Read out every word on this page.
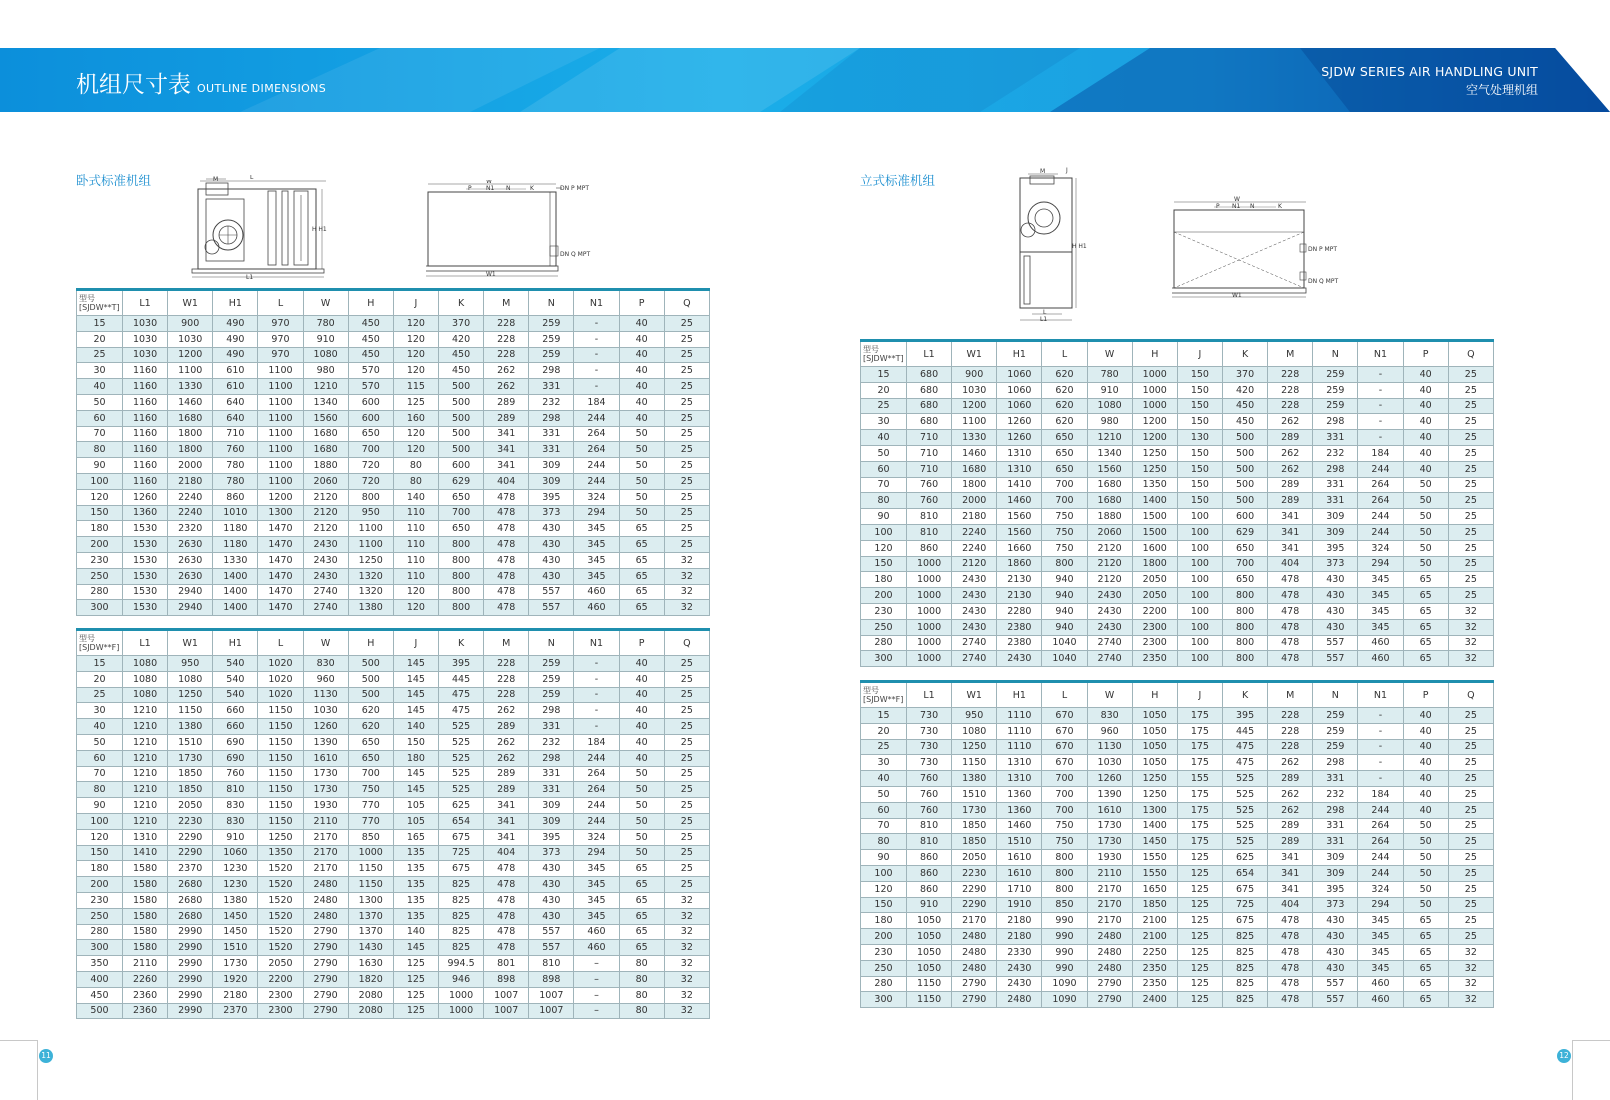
机组尺寸表 OUTLINE DIMENSIONS
SJDW SERIES AIR HANDLING UNIT
空气处理机组
卧式标准机组	M	L
H H1
L1
W
P N1 N	K	DN P MPT
DN Q MPT
W1
型号
[SJDW**T]	L1	W1	H1	L	W	H	J	K	M	N	N1	P	Q
15	1030	900	490	970	780	450	120	370	228	259	-	40	25
20	1030	1030	490	970	910	450	120	420	228	259	-	40	25
25	1030	1200	490	970	1080	450	120	450	228	259	-	40	25
30	1160	1100	610	1100	980	570	120	450	262	298	-	40	25
40	1160	1330	610	1100	1210	570	115	500	262	331	-	40	25
50	1160	1460	640	1100	1340	600	125	500	289	232	184	40	25
60	1160	1680	640	1100	1560	600	160	500	289	298	244	40	25
70	1160	1800	710	1100	1680	650	120	500	341	331	264	50	25
80	1160	1800	760	1100	1680	700	120	500	341	331	264	50	25
90	1160	2000	780	1100	1880	720	80	600	341	309	244	50	25
100	1160	2180	780	1100	2060	720	80	629	404	309	244	50	25
120	1260	2240	860	1200	2120	800	140	650	478	395	324	50	25
150	1360	2240	1010	1300	2120	950	110	700	478	373	294	50	25
180	1530	2320	1180	1470	2120	1100	110	650	478	430	345	65	25
200	1530	2630	1180	1470	2430	1100	110	800	478	430	345	65	25
230	1530	2630	1330	1470	2430	1250	110	800	478	430	345	65	32
250	1530	2630	1400	1470	2430	1320	110	800	478	430	345	65	32
280	1530	2940	1400	1470	2740	1320	120	800	478	557	460	65	32
300	1530	2940	1400	1470	2740	1380	120	800	478	557	460	65	32
型号
[SJDW**F]	L1	W1	H1	L	W	H	J	K	M	N	N1	P	Q
15	1080	950	540	1020	830	500	145	395	228	259	-	40	25
20	1080	1080	540	1020	960	500	145	445	228	259	-	40	25
25	1080	1250	540	1020	1130	500	145	475	228	259	-	40	25
30	1210	1150	660	1150	1030	620	145	475	262	298	-	40	25
40	1210	1380	660	1150	1260	620	140	525	289	331	-	40	25
50	1210	1510	690	1150	1390	650	150	525	262	232	184	40	25
60	1210	1730	690	1150	1610	650	180	525	262	298	244	40	25
70	1210	1850	760	1150	1730	700	145	525	289	331	264	50	25
80	1210	1850	810	1150	1730	750	145	525	289	331	264	50	25
90	1210	2050	830	1150	1930	770	105	625	341	309	244	50	25
100	1210	2230	830	1150	2110	770	105	654	341	309	244	50	25
120	1310	2290	910	1250	2170	850	165	675	341	395	324	50	25
150	1410	2290	1060	1350	2170	1000	135	725	404	373	294	50	25
180	1580	2370	1230	1520	2170	1150	135	675	478	430	345	65	25
200	1580	2680	1230	1520	2480	1150	135	825	478	430	345	65	25
230	1580	2680	1380	1520	2480	1300	135	825	478	430	345	65	32
250	1580	2680	1450	1520	2480	1370	135	825	478	430	345	65	32
280	1580	2990	1450	1520	2790	1370	140	825	478	557	460	65	32
300	1580	2990	1510	1520	2790	1430	145	825	478	557	460	65	32
350	2110	2990	1730	2050	2790	1630	125	994.5	801	810	–	80	32
400	2260	2990	1920	2200	2790	1820	125	946	898	898	–	80	32
450	2360	2990	2180	2300	2790	2080	125	1000	1007	1007	–	80	32
500	2360	2990	2370	2300	2790	2080	125	1000	1007	1007	–	80	32
立式标准机组
M	J
H H1
L
L1
W
P N1 N	K
DN P MPT
DN Q MPT
W1
型号
[SJDW**T]	L1	W1	H1	L	W	H	J	K	M	N	N1	P	Q
15	680	900	1060	620	780	1000	150	370	228	259	-	40	25
20	680	1030	1060	620	910	1000	150	420	228	259	-	40	25
25	680	1200	1060	620	1080	1000	150	450	228	259	-	40	25
30	680	1100	1260	620	980	1200	150	450	262	298	-	40	25
40	710	1330	1260	650	1210	1200	130	500	289	331	-	40	25
50	710	1460	1310	650	1340	1250	150	500	262	232	184	40	25
60	710	1680	1310	650	1560	1250	150	500	262	298	244	40	25
70	760	1800	1410	700	1680	1350	150	500	289	331	264	50	25
80	760	2000	1460	700	1680	1400	150	500	289	331	264	50	25
90	810	2180	1560	750	1880	1500	100	600	341	309	244	50	25
100	810	2240	1560	750	2060	1500	100	629	341	309	244	50	25
120	860	2240	1660	750	2120	1600	100	650	341	395	324	50	25
150	1000	2120	1860	800	2120	1800	100	700	404	373	294	50	25
180	1000	2430	2130	940	2120	2050	100	650	478	430	345	65	25
200	1000	2430	2130	940	2430	2050	100	800	478	430	345	65	25
230	1000	2430	2280	940	2430	2200	100	800	478	430	345	65	32
250	1000	2430	2380	940	2430	2300	100	800	478	430	345	65	32
280	1000	2740	2380	1040	2740	2300	100	800	478	557	460	65	32
300	1000	2740	2430	1040	2740	2350	100	800	478	557	460	65	32
型号
[SJDW**F]	L1	W1	H1	L	W	H	J	K	M	N	N1	P	Q
15	730	950	1110	670	830	1050	175	395	228	259	-	40	25
20	730	1080	1110	670	960	1050	175	445	228	259	-	40	25
25	730	1250	1110	670	1130	1050	175	475	228	259	-	40	25
30	730	1150	1310	670	1030	1050	175	475	262	298	-	40	25
40	760	1380	1310	700	1260	1250	155	525	289	331	-	40	25
50	760	1510	1360	700	1390	1250	175	525	262	232	184	40	25
60	760	1730	1360	700	1610	1300	175	525	262	298	244	40	25
70	810	1850	1460	750	1730	1400	175	525	289	331	264	50	25
80	810	1850	1510	750	1730	1450	175	525	289	331	264	50	25
90	860	2050	1610	800	1930	1550	125	625	341	309	244	50	25
100	860	2230	1610	800	2110	1550	125	654	341	309	244	50	25
120	860	2290	1710	800	2170	1650	125	675	341	395	324	50	25
150	910	2290	1910	850	2170	1850	125	725	404	373	294	50	25
180	1050	2170	2180	990	2170	2100	125	675	478	430	345	65	25
200	1050	2480	2180	990	2480	2100	125	825	478	430	345	65	25
230	1050	2480	2330	990	2480	2250	125	825	478	430	345	65	32
250	1050	2480	2430	990	2480	2350	125	825	478	430	345	65	32
280	1150	2790	2430	1090	2790	2350	125	825	478	557	460	65	32
300	1150	2790	2480	1090	2790	2400	125	825	478	557	460	65	32
11	12
